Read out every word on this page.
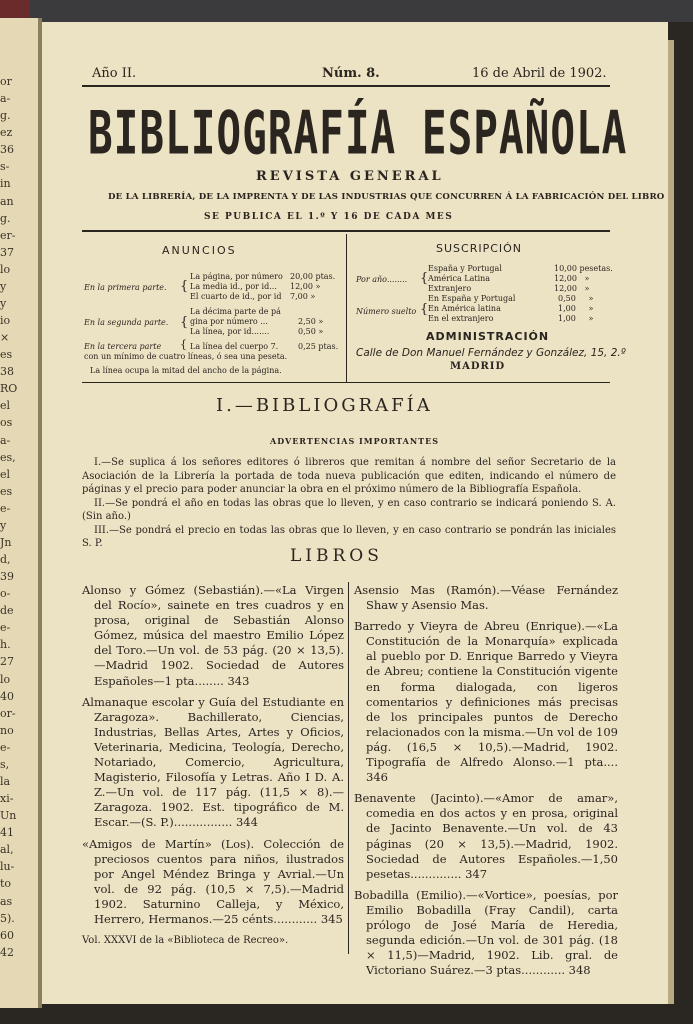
or
a-
g.
ez
36
s-
in
an
g.
er-
37
lo
y
y
io
×
es
38
RO
el
os
a-
es,
el
es
e-
y
Jn
d,
39
o-
de
e-
h.
27
lo
40
or-
no
e-
s,
la
xi-
Un
41
al,
lu-
to
as
5).
60
42
Año II.	Núm. 8.	16 de Abril de 1902.
BIBLIOGRAFÍA ESPAÑOLA
REVISTA GENERAL
DE LA LIBRERÍA, DE LA IMPRENTA Y DE LAS INDUSTRIAS QUE CONCURREN Á LA FABRICACIÓN DEL LIBRO
SE PUBLICA EL 1.º Y 16 DE CADA MES
ANUNCIOS
En la primera parte. {
La página, por número
La media id., por id...
El cuarto de id., por id
20,00 ptas.
12,00 »
7,00 »
En la segunda parte. {
La décima parte de pá
gina por número ...
La línea, por id.......
2,50 »
0,50 »
En la tercera parte { La línea del cuerpo 7. 0,25 ptas.
con un mínimo de cuatro líneas, ó sea una peseta.
La línea ocupa la mitad del ancho de la página.
SUSCRIPCIÓN
Por año........ {
España y Portugal
América Latina
Extranjero
10,00 pesetas.
12,00   »
12,00   »
Número suelto {
En España y Portugal
En América latina
En el extranjero
0,50     »
1,00     »
1,00     »
ADMINISTRACIÓN
Calle de Don Manuel Fernández y González, 15, 2.º
MADRID
I.—BIBLIOGRAFÍA
ADVERTENCIAS IMPORTANTES

I.—Se suplica á los señores editores ó libreros que remitan á nombre del señor Secretario de la Asociación de la Librería la portada de toda nueva publicación que editen, indicando el número de páginas y el precio para poder anunciar la obra en el próximo número de la Bibliografía Española.

II.—Se pondrá el año en todas las obras que lo lleven, y en caso contrario se indicará poniendo S. A. (Sin año.)

III.—Se pondrá el precio en todas las obras que lo lleven, y en caso contrario se pondrán las iniciales S. P.

LIBROS

Alonso y Gómez (Sebastián).—«La Virgen del Rocío», sainete en tres cuadros y en prosa, original de Sebastián Alonso Gómez, música del maestro Emilio López del Toro.—Un vol. de 53 pág. (20 × 13,5).—Madrid 1902. Sociedad de Autores Españoles—1 pta........ 343

Almanaque escolar y Guía del Estudiante en Zaragoza». Bachillerato, Ciencias, Industrias, Bellas Artes, Artes y Oficios, Veterinaria, Medicina, Teología, Derecho, Notariado, Comercio, Agricultura, Magisterio, Filosofía y Letras. Año I D. A. Z.—Un vol. de 117 pág. (11,5 × 8).—Zaragoza. 1902. Est. tipográfico de M. Escar.—(S. P.)................ 344

«Amigos de Martín» (Los). Colección de preciosos cuentos para niños, ilustrados por Angel Méndez Bringa y Avrial.—Un vol. de 92 pág. (10,5 × 7,5).—Madrid 1902. Saturnino Calleja, y México, Herrero, Hermanos.—25 cénts............ 345

Vol. XXXVI de la «Biblioteca de Recreo».

Asensio Mas (Ramón).—Véase Fernández Shaw y Asensio Mas.

Barredo y Vieyra de Abreu (Enrique).—«La Constitución de la Monarquía» explicada al pueblo por D. Enrique Barredo y Vieyra de Abreu; contiene la Constitución vigente en forma dialogada, con ligeros comentarios y definiciones más precisas de los principales puntos de Derecho relacionados con la misma.—Un vol de 109 pág. (16,5 × 10,5).—Madrid, 1902. Tipografía de Alfredo Alonso.—1 pta.... 346

Benavente (Jacinto).—«Amor de amar», comedia en dos actos y en prosa, original de Jacinto Benavente.—Un vol. de 43 páginas (20 × 13,5).—Madrid, 1902. Sociedad de Autores Españoles.—1,50 pesetas.............. 347

Bobadilla (Emilio).—«Vortice», poesías, por Emilio Bobadilla (Fray Candil), carta prólogo de José María de Heredia, segunda edición.—Un vol. de 301 pág. (18 × 11,5)—Madrid, 1902. Lib. gral. de Victoriano Suárez.—3 ptas............ 348
